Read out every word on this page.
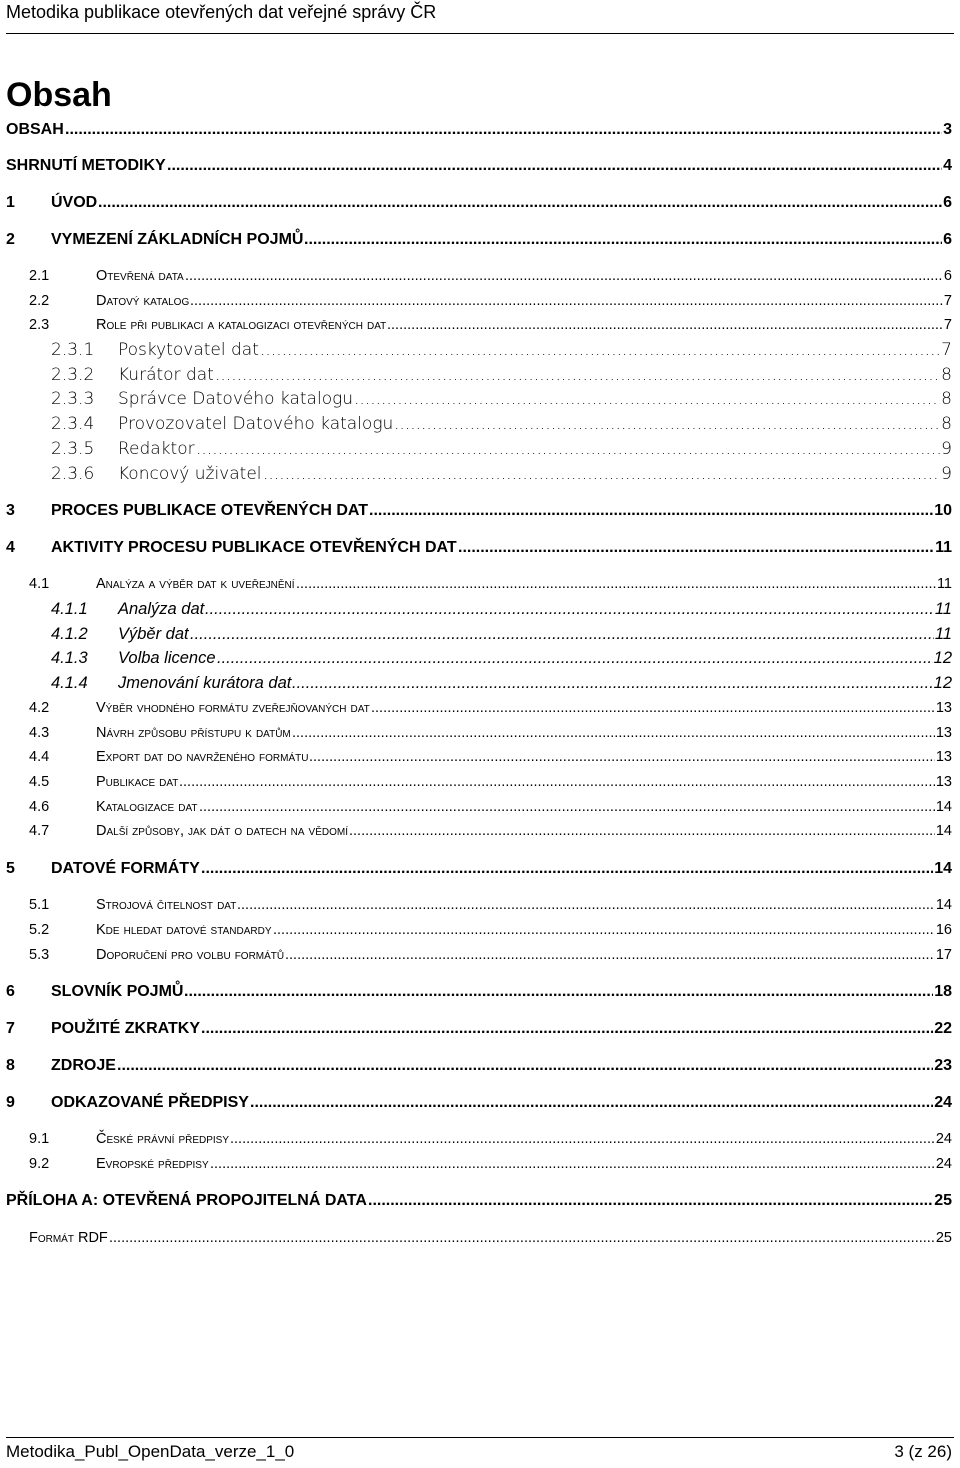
Metodika publikace otevřených dat veřejné správy ČR
Obsah
OBSAH .....	3
SHRNUTÍ METODIKY .....	4
1 ÚVOD .....	6
2 VYMEZENÍ ZÁKLADNÍCH POJMŮ .....	6
2.1	Otevřená data .....	6
2.2	Datový katalog .....	7
2.3	Role při publikaci a katalogizaci otevřených dat .....	7
2.3.1 Poskytovatel dat .....	7
2.3.2 Kurátor dat .....	8
2.3.3 Správce Datového katalogu .....	8
2.3.4 Provozovatel Datového katalogu .....	8
2.3.5 Redaktor .....	9
2.3.6 Koncový uživatel .....	9
3 PROCES PUBLIKACE OTEVŘENÝCH DAT .....	10
4 AKTIVITY PROCESU PUBLIKACE OTEVŘENÝCH DAT .....	11
4.1	Analýza a výběr dat k uveřejnění .....	11
4.1.1 Analýza dat .....	11
4.1.2 Výběr dat .....	11
4.1.3 Volba licence .....	12
4.1.4 Jmenování kurátora dat .....	12
4.2	Výběr vhodného formátu zveřejňovaných dat .....	13
4.3	Návrh způsobu přístupu k datům .....	13
4.4	Export dat do navrženého formátu .....	13
4.5	Publikace dat .....	13
4.6	Katalogizace dat .....	14
4.7	Další způsoby, jak dát o datech na vědomí .....	14
5 DATOVÉ FORMÁTY .....	14
5.1	Strojová čitelnost dat .....	14
5.2	Kde hledat datové standardy .....	16
5.3	Doporučení pro volbu formátů .....	17
6 SLOVNÍK POJMŮ .....	18
7 POUŽITÉ ZKRATKY .....	22
8 ZDROJE .....	23
9 ODKAZOVANÉ PŘEDPISY .....	24
9.1	České právní předpisy .....	24
9.2	Evropské předpisy .....	24
PŘÍLOHA A: OTEVŘENÁ PROPOJITELNÁ DATA .....	25
Formát RDF .....	25
Metodika_Publ_OpenData_verze_1_0	3 (z 26)
